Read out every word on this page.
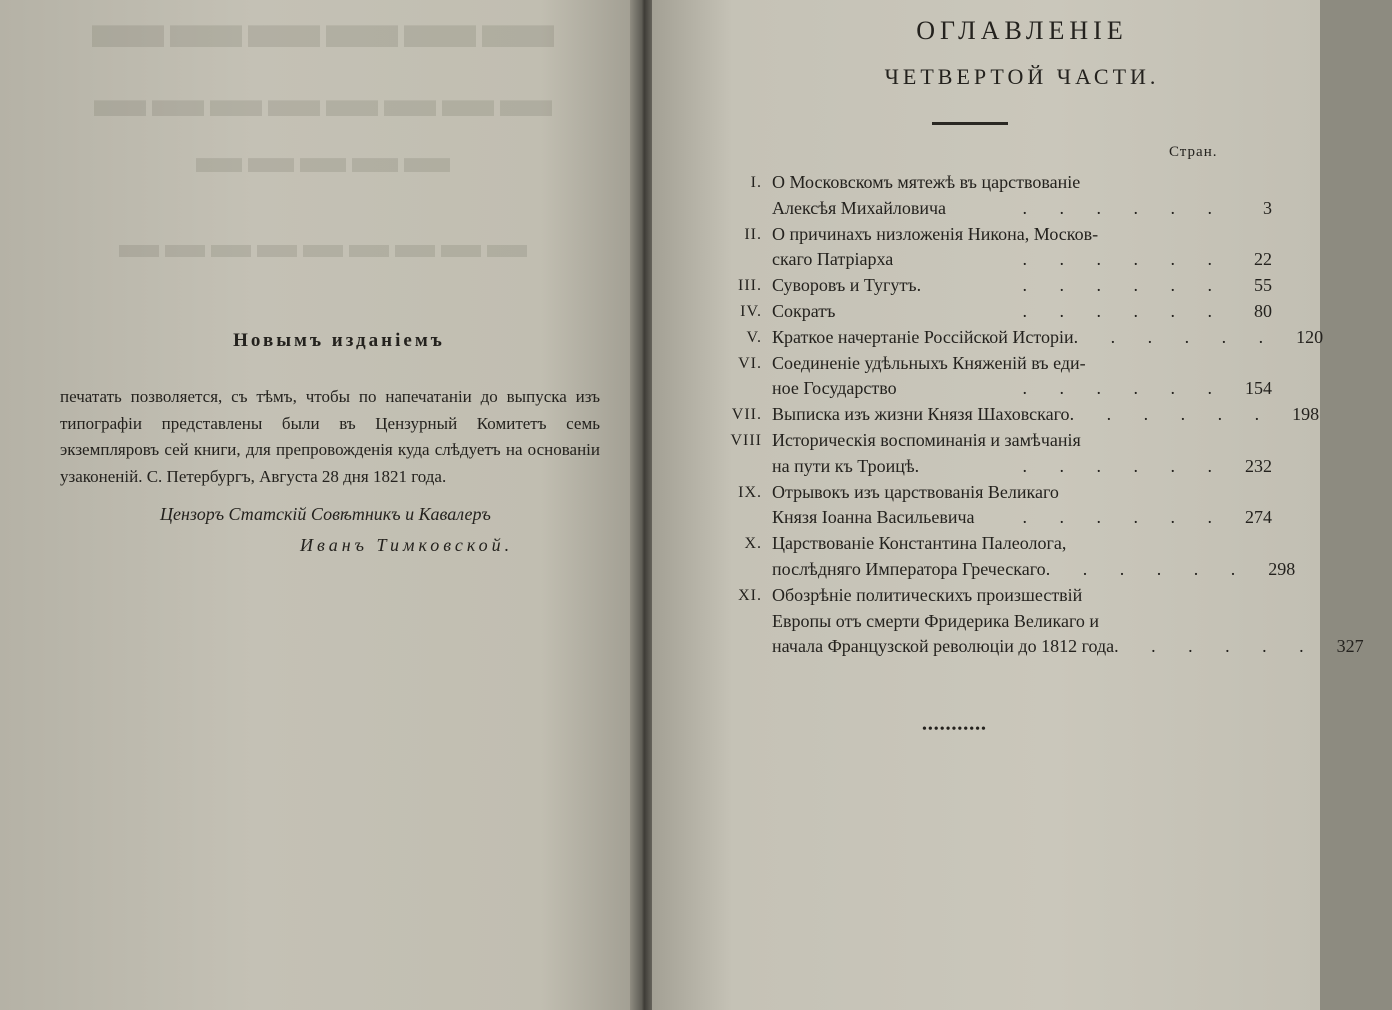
▬▬▬▬▬▬
▬▬▬▬▬▬▬▬
▬▬▬▬▬
▬▬▬▬▬▬▬▬▬
Новымъ изданіемъ

печатать позволяется, съ тѣмъ, чтобы по напечатаніи до выпуска изъ типографіи представлены были въ Цензурный Комитетъ семь экземпляровъ сей книги, для препровожденія куда слѣдуетъ на основаніи узаконеній. С. Петербургъ, Августа 28 дня 1821 года.

Цензоръ Статскій Совѣтникъ и Кавалеръ
Иванъ Тимковской.
ОГЛАВЛЕНІЕ
ЧЕТВЕРТОЙ ЧАСТИ.
Стран.
I. О Московскомъ мятежѣ въ царствованіе
Алексѣя Михайловича	. . . . . .	3
II. О причинахъ низложенія Никона, Москов-
скаго Патріарха	. . . . . .	22
III. Суворовъ и Тугутъ.	. . . . . .	55
IV. Сократъ	. . . . . .	80
V. Краткое начертаніе Россійской Исторіи . . . . . .	120
VI. Соединеніе удѣльныхъ Княженій въ еди-
ное Государство	. . . . . .	154
VII. Выписка изъ жизни Князя Шаховскаго . . . . . .	198
VIII Историческія воспоминанія и замѣчанія
на пути къ Троицѣ.	. . . . . .	232
IX. Отрывокъ изъ царствованія Великаго
Князя Іоанна Васильевича	. . . . . .	274
X. Царствованіе Константина Палеолога,
послѣдняго Императора Греческаго . . . . . .	298
XI. Обозрѣніе политическихъ произшествій
Европы отъ смерти Фридерика Великаго и
начала Французской революціи до 1812 года . . . . . .	327
•••••••••••
